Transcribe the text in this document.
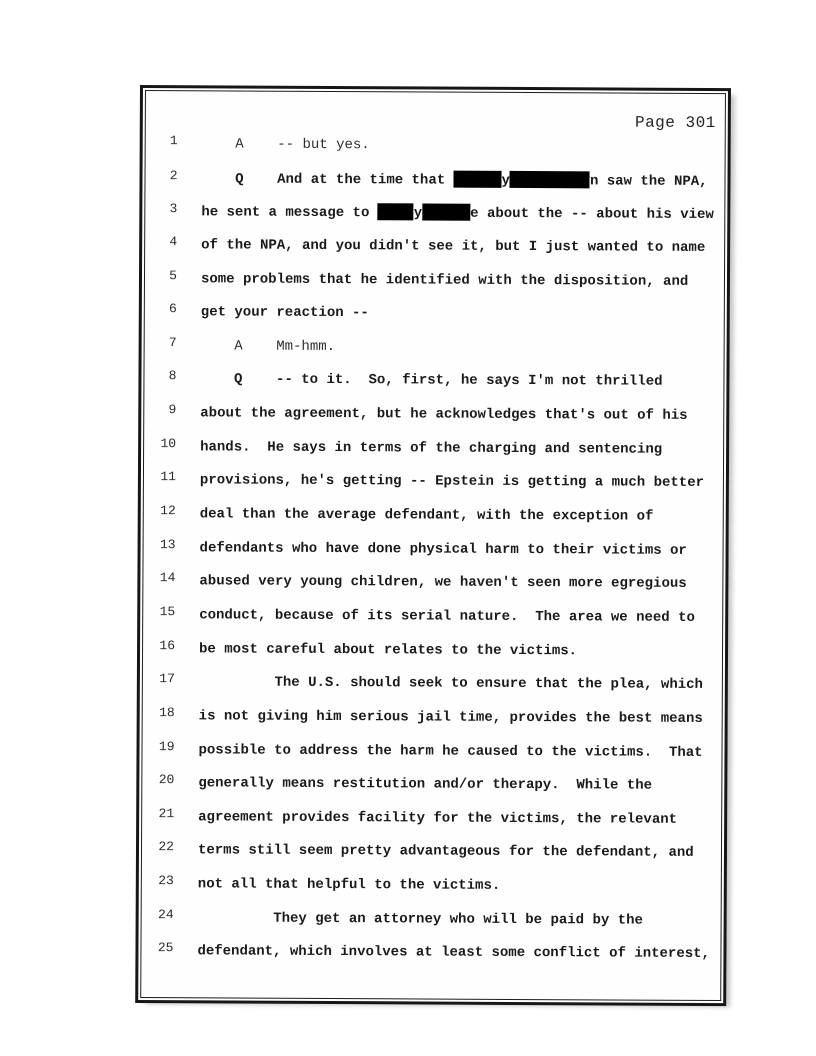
Page 301
1 A    -- but yes.
2 Q    And at the time that	y	n saw the NPA,
3 he sent a message to	y	e about the -- about his view
4 of the NPA, and you didn't see it, but I just wanted to name
5 some problems that he identified with the disposition, and
6 get your reaction --
7 A    Mm-hmm.
8 Q    -- to it.  So, first, he says I'm not thrilled
9 about the agreement, but he acknowledges that's out of his
10 hands.  He says in terms of the charging and sentencing
11 provisions, he's getting -- Epstein is getting a much better
12 deal than the average defendant, with the exception of
13 defendants who have done physical harm to their victims or
14 abused very young children, we haven't seen more egregious
15 conduct, because of its serial nature.  The area we need to
16 be most careful about relates to the victims.
17 The U.S. should seek to ensure that the plea, which
18 is not giving him serious jail time, provides the best means
19 possible to address the harm he caused to the victims.  That
20 generally means restitution and/or therapy.  While the
21 agreement provides facility for the victims, the relevant
22 terms still seem pretty advantageous for the defendant, and
23 not all that helpful to the victims.
24 They get an attorney who will be paid by the
25 defendant, which involves at least some conflict of interest,
